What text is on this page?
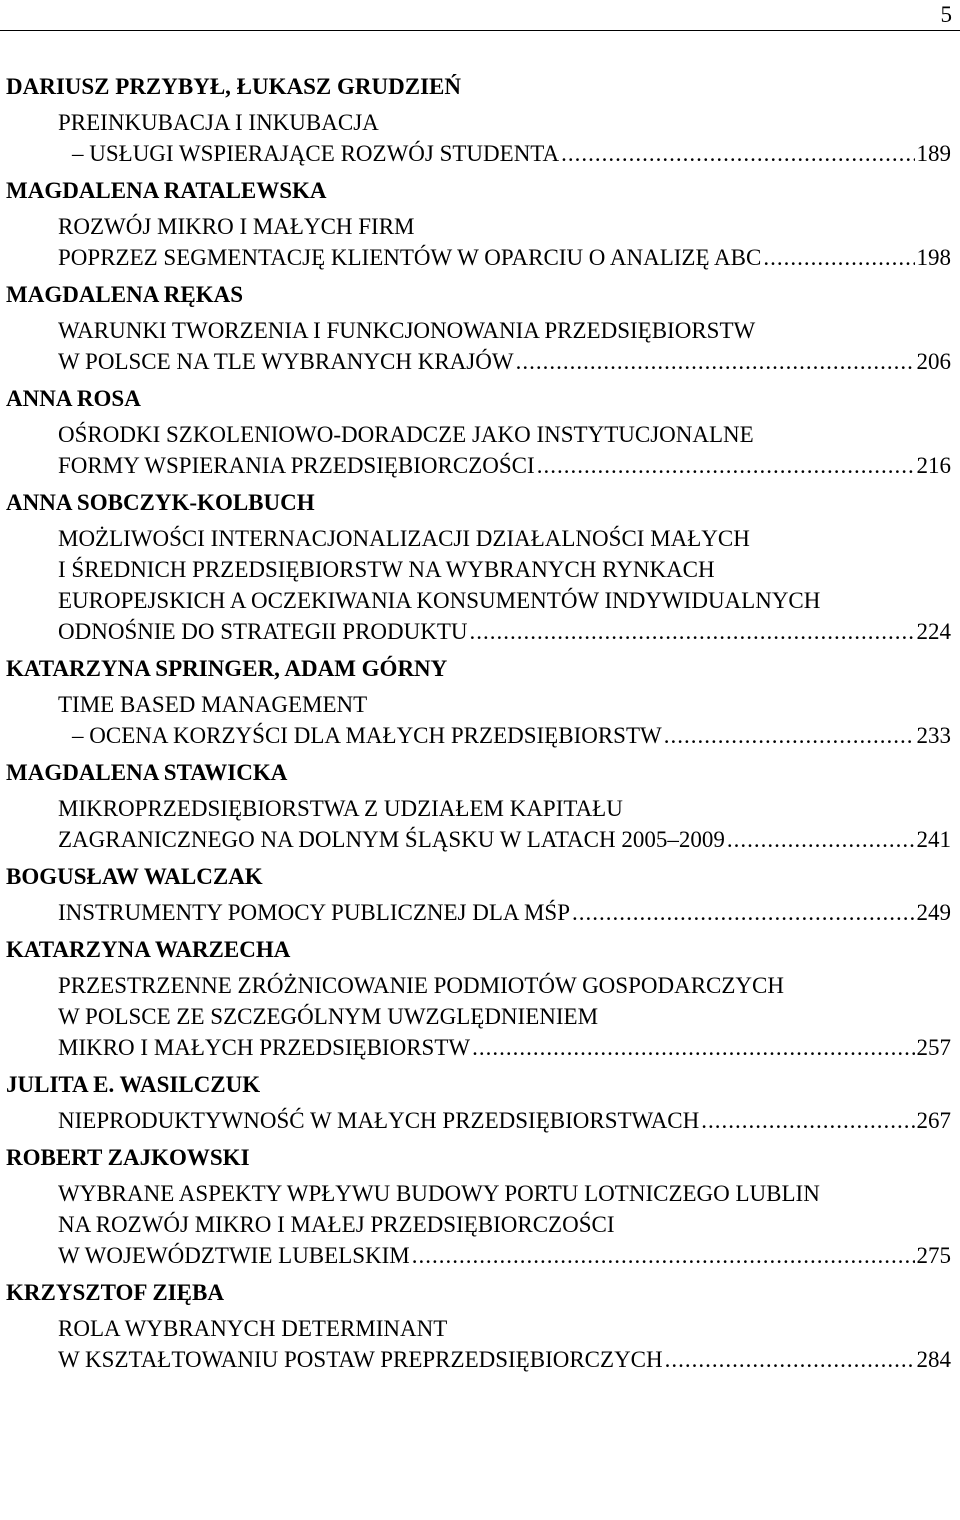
5
DARIUSZ PRZYBYŁ, ŁUKASZ GRUDZIEŃ
PREINKUBACJA I INKUBACJA
– USŁUGI WSPIERAJĄCE ROZWÓJ STUDENTA .....	189
MAGDALENA RATALEWSKA
ROZWÓJ MIKRO I MAŁYCH FIRM
POPRZEZ SEGMENTACJĘ KLIENTÓW W OPARCIU O ANALIZĘ ABC .....	198
MAGDALENA RĘKAS
WARUNKI TWORZENIA I FUNKCJONOWANIA PRZEDSIĘBIORSTW
W POLSCE NA TLE WYBRANYCH KRAJÓW .....	206
ANNA ROSA
OŚRODKI SZKOLENIOWO-DORADCZE JAKO INSTYTUCJONALNE
FORMY WSPIERANIA PRZEDSIĘBIORCZOŚCI .....	216
ANNA SOBCZYK-KOLBUCH
MOŻLIWOŚCI INTERNACJONALIZACJI DZIAŁALNOŚCI MAŁYCH
I ŚREDNICH PRZEDSIĘBIORSTW NA WYBRANYCH RYNKACH
EUROPEJSKICH A OCZEKIWANIA KONSUMENTÓW INDYWIDUALNYCH
ODNOŚNIE DO STRATEGII PRODUKTU .....	224
KATARZYNA SPRINGER, ADAM GÓRNY
TIME BASED MANAGEMENT
– OCENA KORZYŚCI DLA MAŁYCH PRZEDSIĘBIORSTW .....	233
MAGDALENA STAWICKA
MIKROPRZEDSIĘBIORSTWA Z UDZIAŁEM KAPITAŁU
ZAGRANICZNEGO NA DOLNYM ŚLĄSKU W LATACH 2005–2009 .....	241
BOGUSŁAW WALCZAK
INSTRUMENTY POMOCY PUBLICZNEJ DLA MŚP .....	249
KATARZYNA WARZECHA
PRZESTRZENNE ZRÓŻNICOWANIE PODMIOTÓW GOSPODARCZYCH
W POLSCE ZE SZCZEGÓLNYM UWZGLĘDNIENIEM
MIKRO I MAŁYCH PRZEDSIĘBIORSTW .....	257
JULITA E. WASILCZUK
NIEPRODUKTYWNOŚĆ W MAŁYCH PRZEDSIĘBIORSTWACH .....	267
ROBERT ZAJKOWSKI
WYBRANE ASPEKTY WPŁYWU BUDOWY PORTU LOTNICZEGO LUBLIN
NA ROZWÓJ MIKRO I MAŁEJ PRZEDSIĘBIORCZOŚCI
W WOJEWÓDZTWIE LUBELSKIM .....	275
KRZYSZTOF ZIĘBA
ROLA WYBRANYCH DETERMINANT
W KSZTAŁTOWANIU POSTAW PREPRZEDSIĘBIORCZYCH .....	284
